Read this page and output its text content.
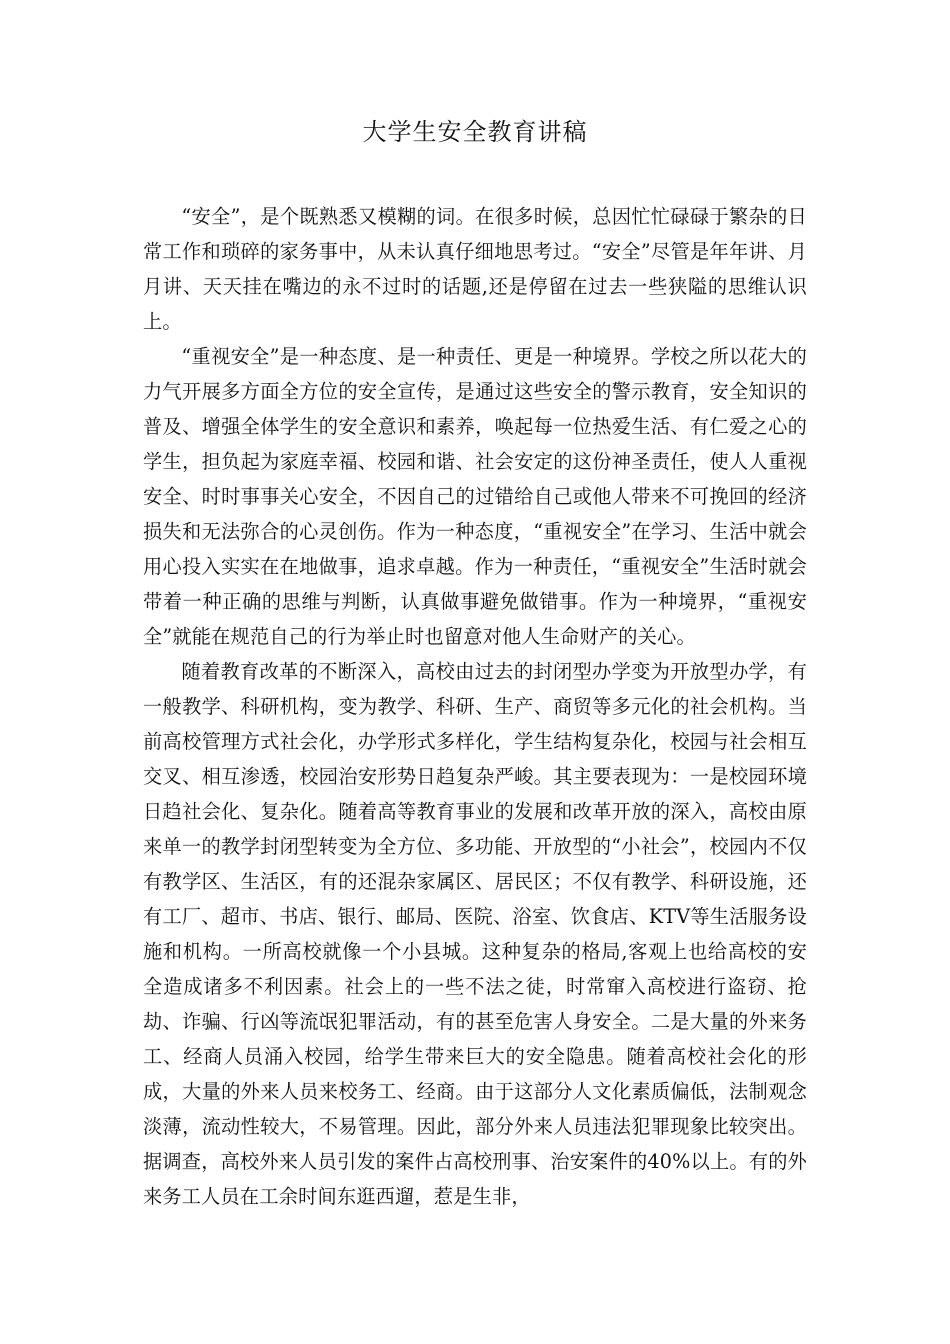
大学生安全教育讲稿

“安全”，是个既熟悉又模糊的词。在很多时候，总因忙忙碌碌于繁杂的日常工作和琐碎的家务事中，从未认真仔细地思考过。“安全”尽管是年年讲、月月讲、天天挂在嘴边的永不过时的话题,还是停留在过去一些狭隘的思维认识上。

“重视安全”是一种态度、是一种责任、更是一种境界。学校之所以花大的力气开展多方面全方位的安全宣传，是通过这些安全的警示教育，安全知识的普及、增强全体学生的安全意识和素养，唤起每一位热爱生活、有仁爱之心的学生，担负起为家庭幸福、校园和谐、社会安定的这份神圣责任，使人人重视安全、时时事事关心安全，不因自己的过错给自己或他人带来不可挽回的经济损失和无法弥合的心灵创伤。作为一种态度，“重视安全”在学习、生活中就会用心投入实实在在地做事，追求卓越。作为一种责任，“重视安全”生活时就会带着一种正确的思维与判断，认真做事避免做错事。作为一种境界，“重视安全”就能在规范自己的行为举止时也留意对他人生命财产的关心。

随着教育改革的不断深入，高校由过去的封闭型办学变为开放型办学，有一般教学、科研机构，变为教学、科研、生产、商贸等多元化的社会机构。当前高校管理方式社会化，办学形式多样化，学生结构复杂化，校园与社会相互交叉、相互渗透，校园治安形势日趋复杂严峻。其主要表现为：一是校园环境日趋社会化、复杂化。随着高等教育事业的发展和改革开放的深入，高校由原来单一的教学封闭型转变为全方位、多功能、开放型的“小社会”，校园内不仅有教学区、生活区，有的还混杂家属区、居民区；不仅有教学、科研设施，还有工厂、超市、书店、银行、邮局、医院、浴室、饮食店、KTV等生活服务设施和机构。一所高校就像一个小县城。这种复杂的格局,客观上也给高校的安全造成诸多不利因素。社会上的一些不法之徒，时常窜入高校进行盗窃、抢劫、诈骗、行凶等流氓犯罪活动，有的甚至危害人身安全。二是大量的外来务工、经商人员涌入校园，给学生带来巨大的安全隐患。随着高校社会化的形成，大量的外来人员来校务工、经商。由于这部分人文化素质偏低，法制观念淡薄，流动性较大，不易管理。因此，部分外来人员违法犯罪现象比较突出。据调查，高校外来人员引发的案件占高校刑事、治安案件的40%以上。有的外来务工人员在工余时间东逛西遛，惹是生非，
